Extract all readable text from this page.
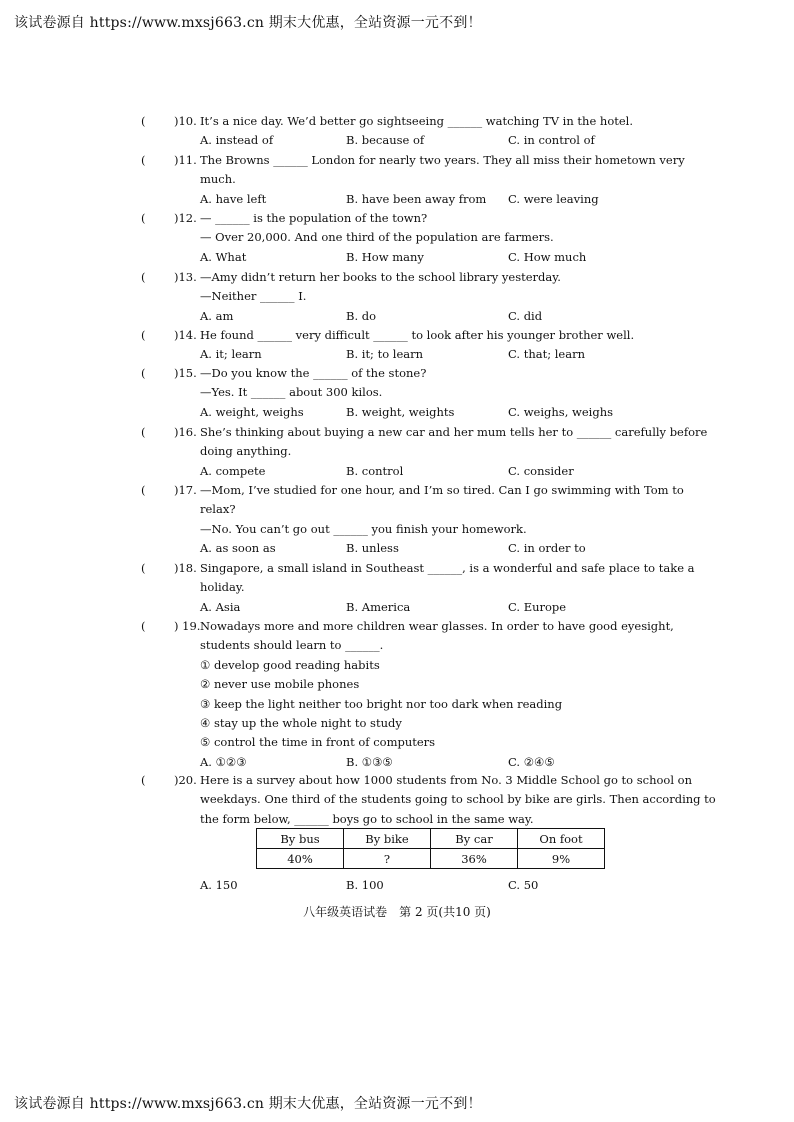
该试卷源自 https://www.mxsj663.cn 期末大优惠，全站资源一元不到！
( )10. It’s a nice day. We’d better go sightseeing ______ watching TV in the hotel.
A. instead of	B. because of	C. in control of
( )11. The Browns ______ London for nearly two years. They all miss their hometown very
much.
A. have left	B. have been away from C. were leaving
( )12. — ______ is the population of the town?
— Over 20,000. And one third of the population are farmers.
A. What	B. How many	C. How much
( )13. —Amy didn’t return her books to the school library yesterday.
—Neither ______ I.
A. am	B. do	C. did
( )14. He found ______ very difficult ______ to look after his younger brother well.
A. it; learn	B. it; to learn	C. that; learn
( )15. —Do you know the ______ of the stone?
—Yes. It ______ about 300 kilos.
A. weight, weighs	B. weight, weights	C. weighs, weighs
( )16. She’s thinking about buying a new car and her mum tells her to ______ carefully before
doing anything.
A. compete	B. control	C. consider
( )17. —Mom, I’ve studied for one hour, and I’m so tired. Can I go swimming with Tom to
relax?
—No. You can’t go out ______ you finish your homework.
A. as soon as	B. unless	C. in order to
( )18. Singapore, a small island in Southeast ______, is a wonderful and safe place to take a
holiday.
A. Asia	B. America	C. Europe
( ) 19. Nowadays more and more children wear glasses. In order to have good eyesight,
students should learn to ______.
① develop good reading habits
② never use mobile phones
③ keep the light neither too bright nor too dark when reading
④ stay up the whole night to study
⑤ control the time in front of computers
A. ①②③	B. ①③⑤	C. ②④⑤
( )20. Here is a survey about how 1000 students from No. 3 Middle School go to school on
weekdays. One third of the students going to school by bike are girls. Then according to
the form below, ______ boys go to school in the same way.
By bus	By bike	By car	On foot
40%	?	36%	9%
八年级英语试卷　第 2 页(共10 页)
该试卷源自 https://www.mxsj663.cn 期末大优惠，全站资源一元不到！
A. 150	B. 100	C. 50
